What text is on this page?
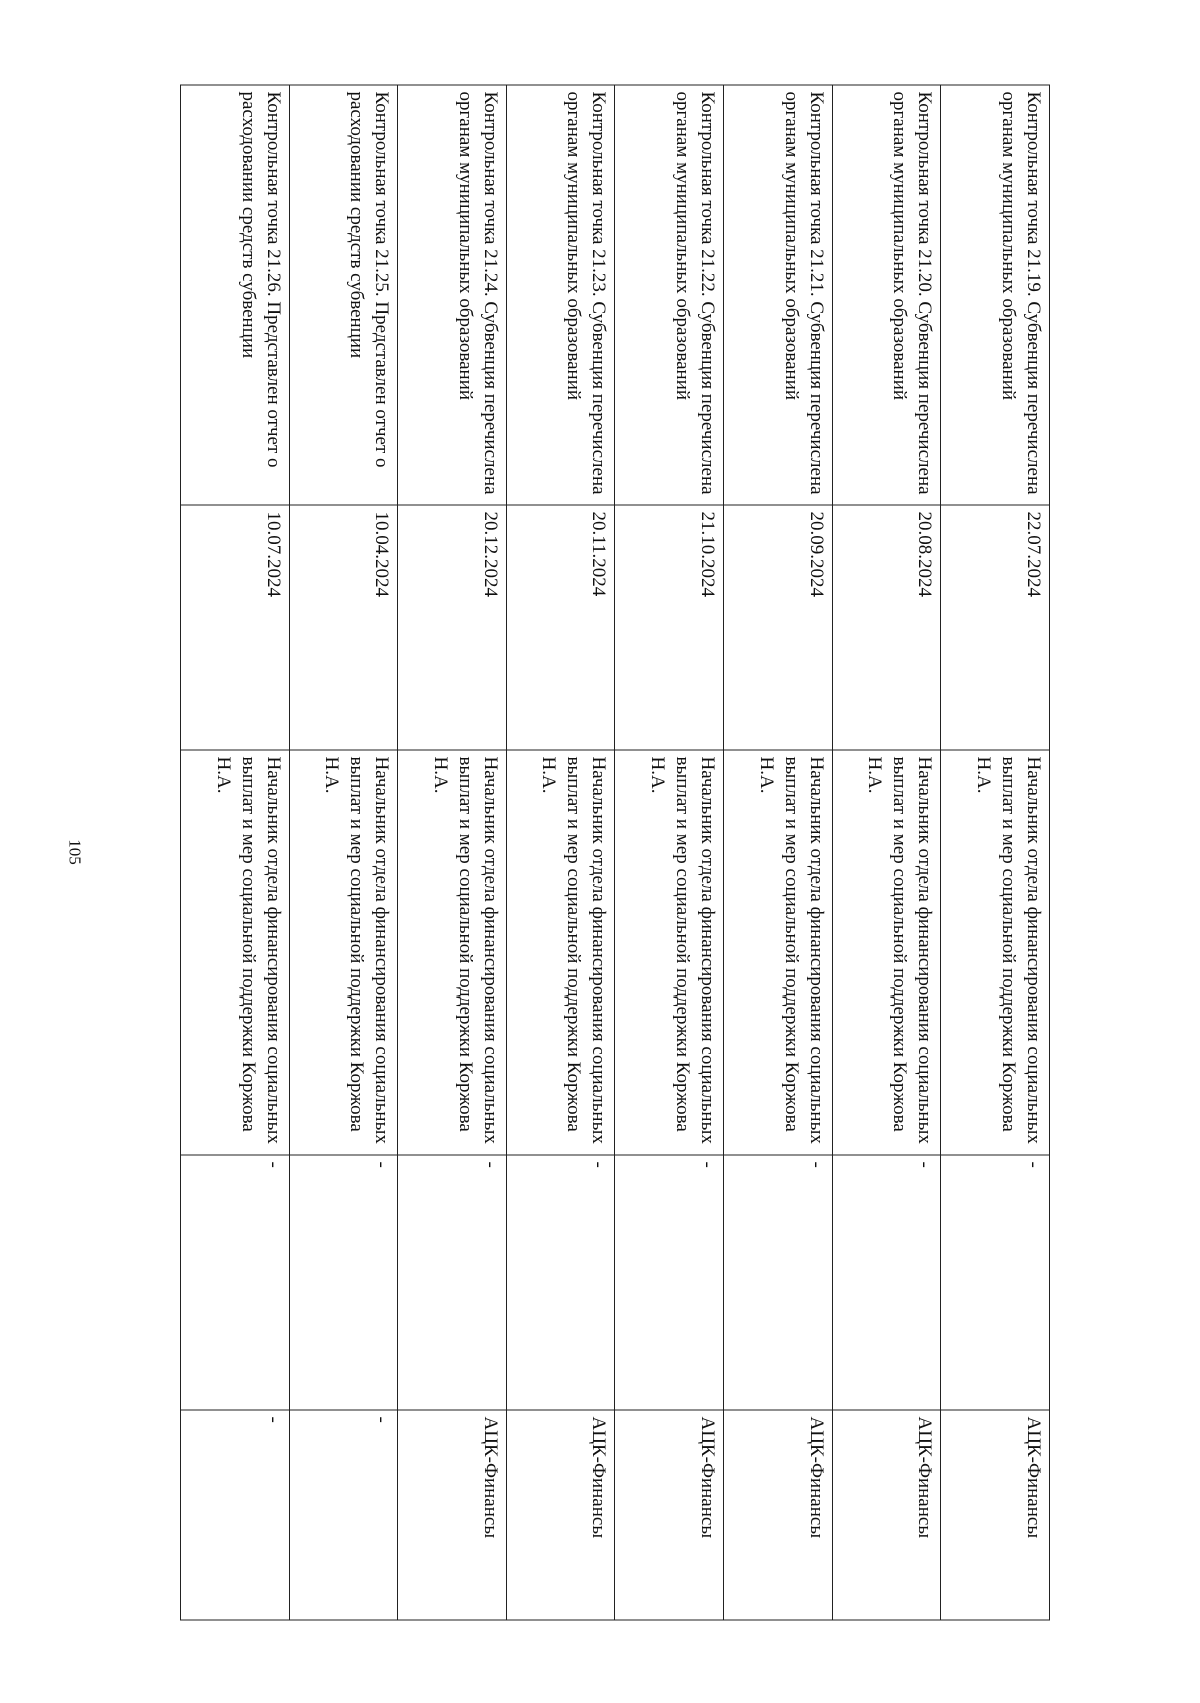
105
Контрольная точка 21.19. Субвенция перечислена органам муниципальных образований	22.07.2024	Начальник отдела финансирования социальных выплат и мер социальной поддержки Коржова Н.А.	-	АЦК-Финансы
Контрольная точка 21.20. Субвенция перечислена органам муниципальных образований	20.08.2024	Начальник отдела финансирования социальных выплат и мер социальной поддержки Коржова Н.А.	-	АЦК-Финансы
Контрольная точка 21.21. Субвенция перечислена органам муниципальных образований	20.09.2024	Начальник отдела финансирования социальных выплат и мер социальной поддержки Коржова Н.А.	-	АЦК-Финансы
Контрольная точка 21.22. Субвенция перечислена органам муниципальных образований	21.10.2024	Начальник отдела финансирования социальных выплат и мер социальной поддержки Коржова Н.А.	-	АЦК-Финансы
Контрольная точка 21.23. Субвенция перечислена органам муниципальных образований	20.11.2024	Начальник отдела финансирования социальных выплат и мер социальной поддержки Коржова Н.А.	-	АЦК-Финансы
Контрольная точка 21.24. Субвенция перечислена органам муниципальных образований	20.12.2024	Начальник отдела финансирования социальных выплат и мер социальной поддержки Коржова Н.А.	-	АЦК-Финансы
Контрольная точка 21.25. Представлен отчет о расходовании средств субвенции	10.04.2024	Начальник отдела финансирования социальных выплат и мер социальной поддержки Коржова Н.А.	-	-
Контрольная точка 21.26. Представлен отчет о расходовании средств субвенции	10.07.2024	Начальник отдела финансирования социальных выплат и мер социальной поддержки Коржова Н.А.	-	-
